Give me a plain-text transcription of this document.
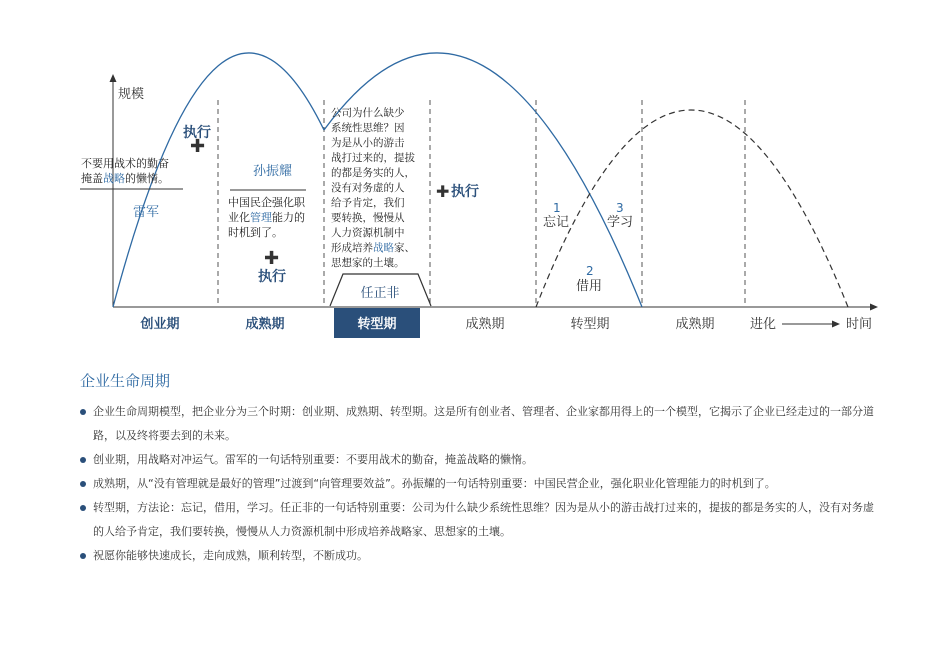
规模
创业期	成熟期	转型期	成熟期	转型期	成熟期	进化	时间
不要用战术的勤奋
掩盖战略的懒惰。
雷军
执行
✚
孙振耀
中国民企强化职
业化管理能力的
时机到了。
✚
执行
公司为什么缺少
系统性思维？因
为是从小的游击
战打过来的，提拔
的都是务实的人，
没有对务虚的人
给予肯定，我们
要转换，慢慢从
人力资源机制中
形成培养战略家、
思想家的土壤。
任正非
✚ 执行
1
忘记
3
学习
2
借用
企业生命周期
企业生命周期模型，把企业分为三个时期：创业期、成熟期、转型期。这是所有创业者、管理者、企业家都用得上的一个模型，它揭示了企业已经走过的一部分道路，以及终将要去到的未来。
创业期，用战略对冲运气。雷军的一句话特别重要：不要用战术的勤奋，掩盖战略的懒惰。
成熟期，从“没有管理就是最好的管理”过渡到“向管理要效益”。孙振耀的一句话特别重要：中国民营企业，强化职业化管理能力的时机到了。
转型期，方法论：忘记，借用，学习。任正非的一句话特别重要：公司为什么缺少系统性思维？因为是从小的游击战打过来的，提拔的都是务实的人，没有对务虚的人给予肯定，我们要转换，慢慢从人力资源机制中形成培养战略家、思想家的土壤。
祝愿你能够快速成长，走向成熟，顺利转型，不断成功。
